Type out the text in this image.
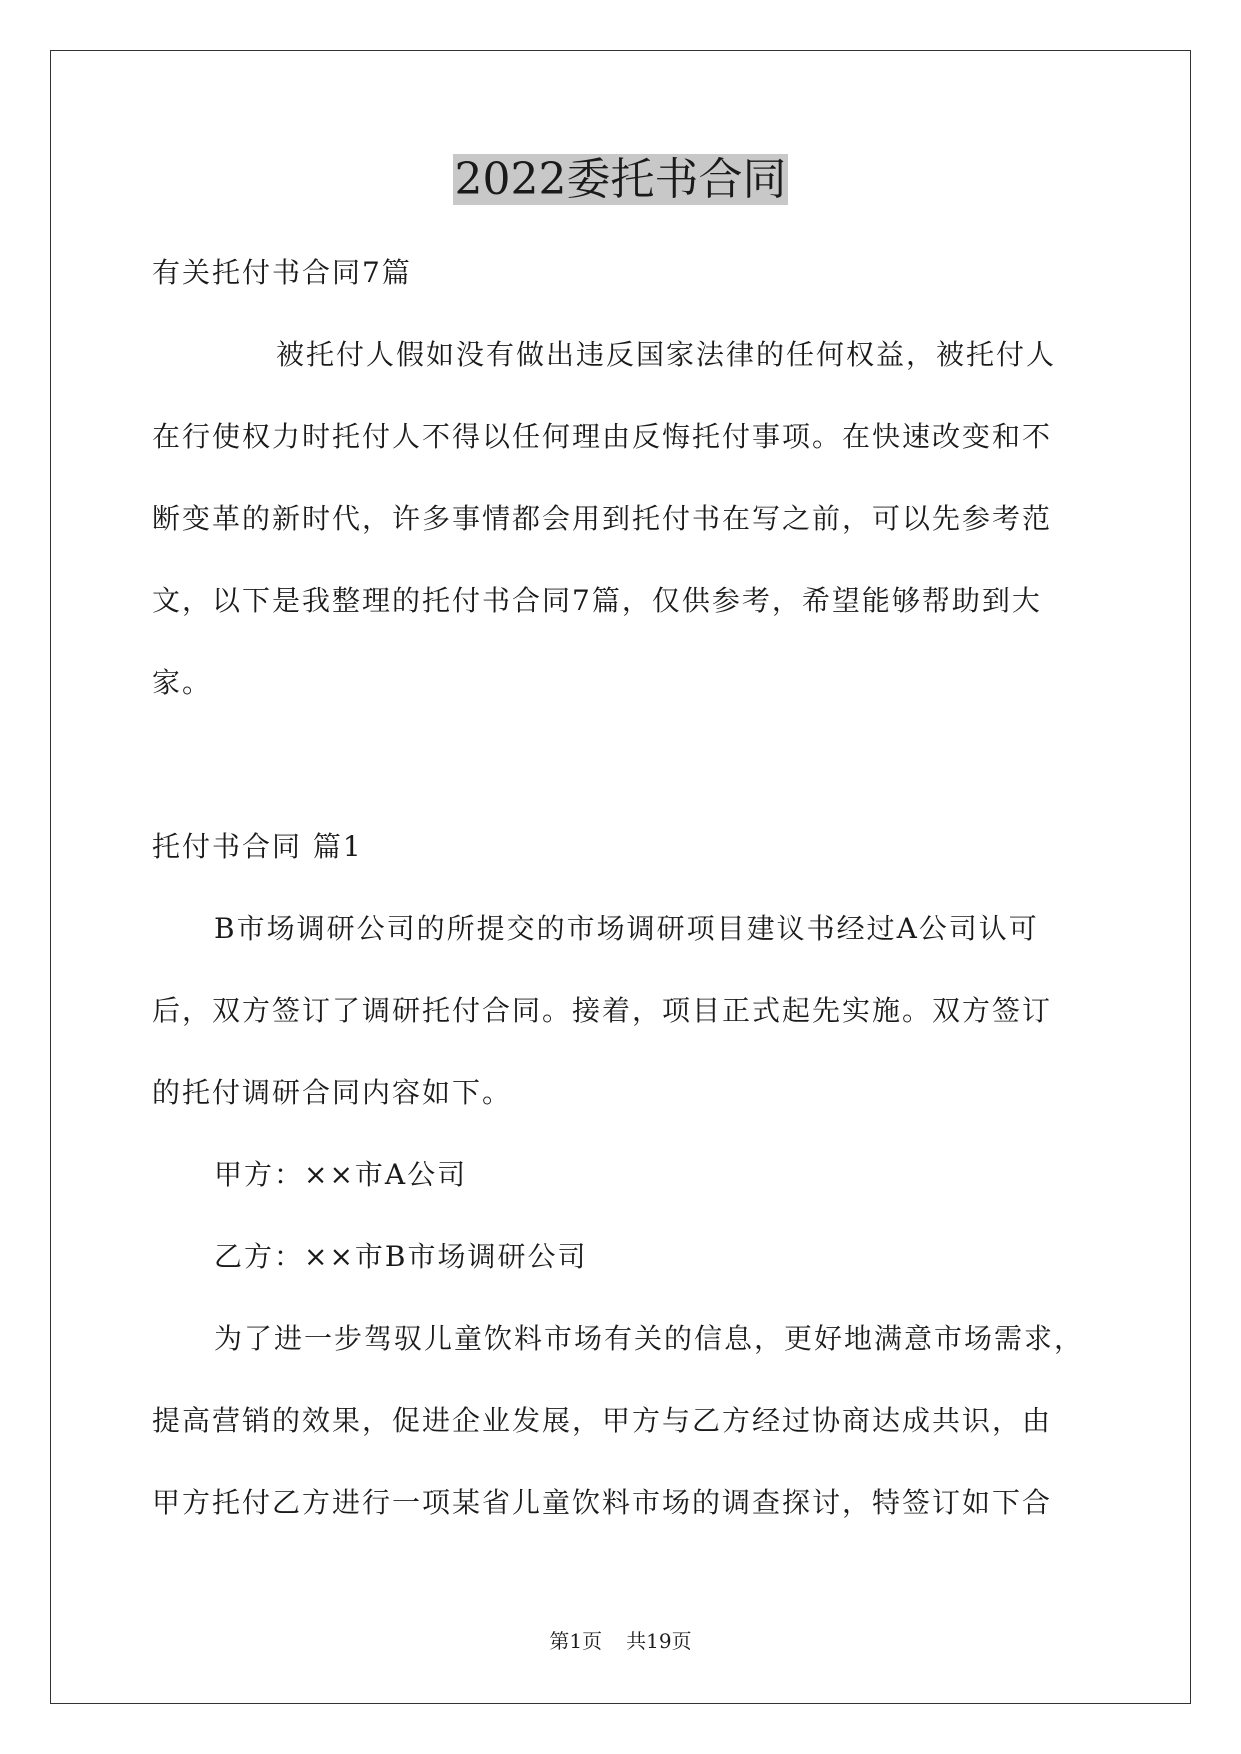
2022委托书合同
有关托付书合同7篇
被托付人假如没有做出违反国家法律的任何权益，被托付人
在行使权力时托付人不得以任何理由反悔托付事项。在快速改变和不
断变革的新时代，许多事情都会用到托付书在写之前，可以先参考范
文，以下是我整理的托付书合同7篇，仅供参考，希望能够帮助到大
家。
托付书合同 篇1
B市场调研公司的所提交的市场调研项目建议书经过A公司认可
后，双方签订了调研托付合同。接着，项目正式起先实施。双方签订
的托付调研合同内容如下。
甲方：××市A公司
乙方：××市B市场调研公司
为了进一步驾驭儿童饮料市场有关的信息，更好地满意市场需求，
提高营销的效果，促进企业发展，甲方与乙方经过协商达成共识，由
甲方托付乙方进行一项某省儿童饮料市场的调查探讨，特签订如下合
第1页 共19页
